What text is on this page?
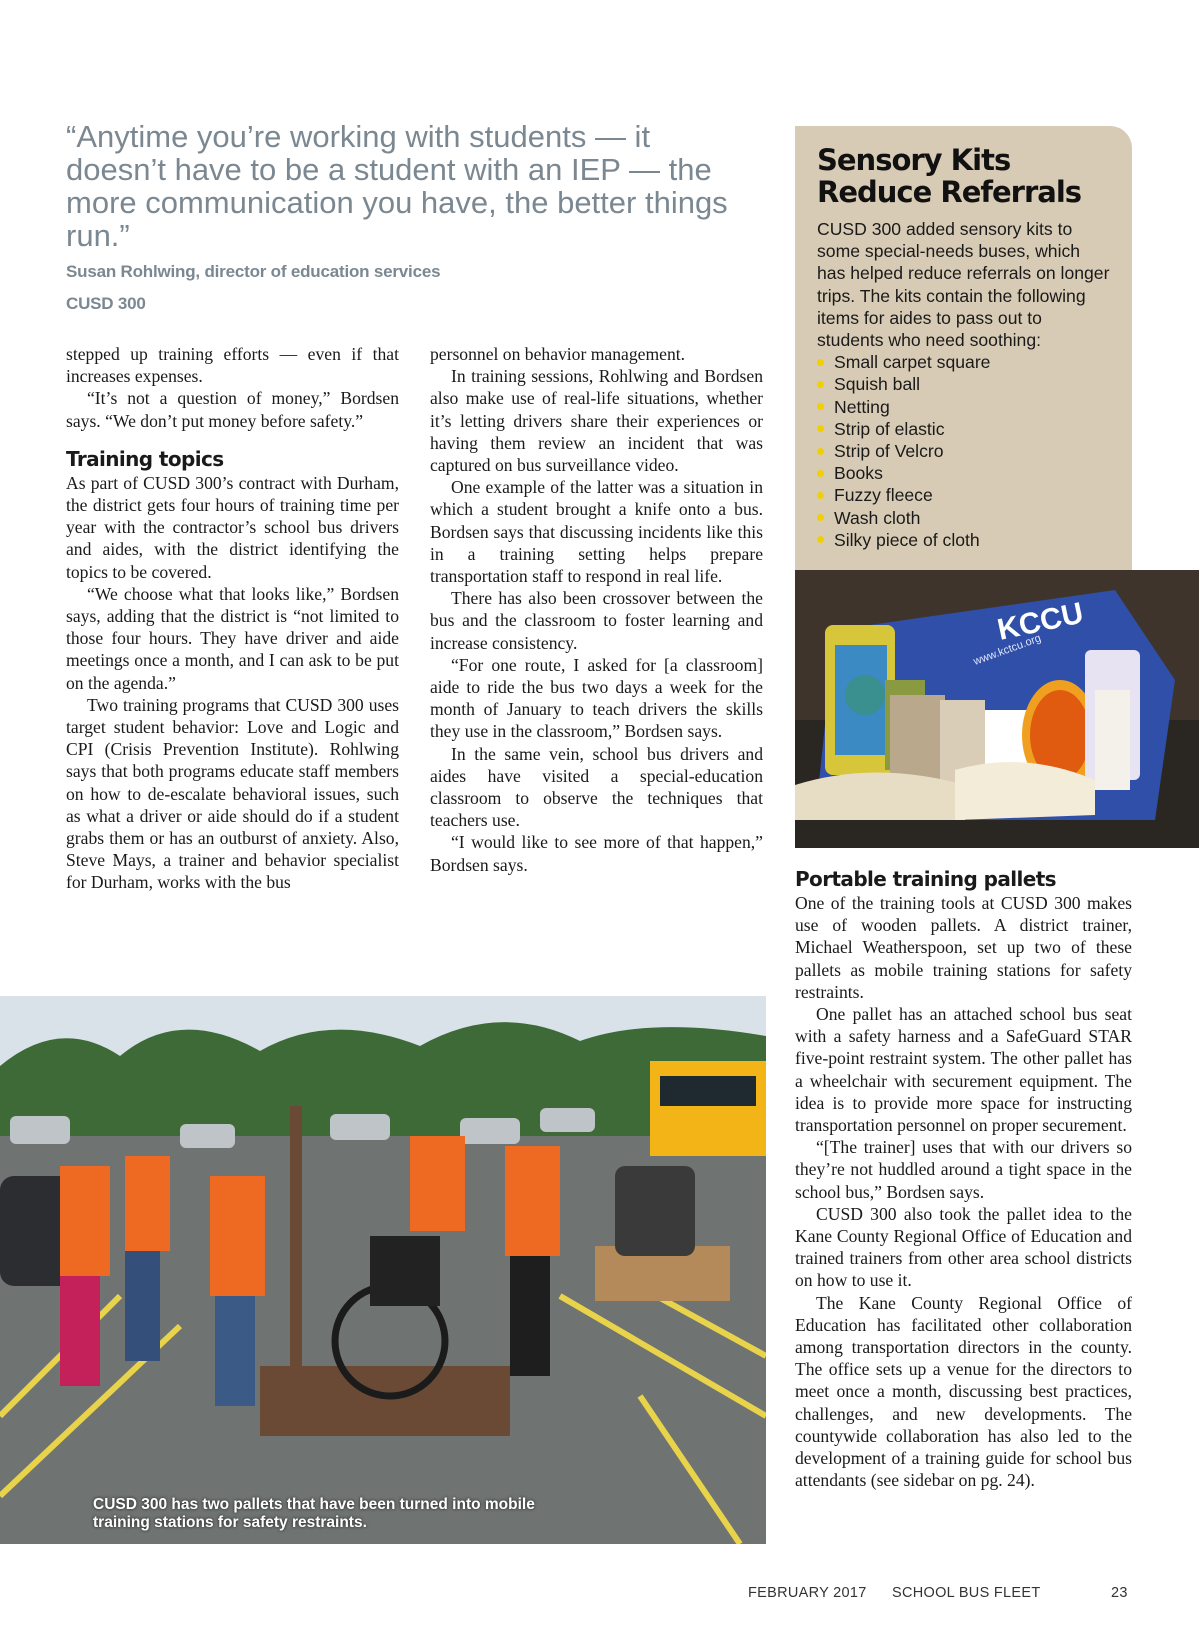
“Anytime you’re working with students — it doesn’t have to be a student with an IEP — the more communication you have, the better things run.”

Susan Rohlwing, director of education services
CUSD 300

stepped up training efforts — even if that increases expenses.

“It’s not a question of money,” Bordsen says. “We don’t put money before safety.”

Training topics

As part of CUSD 300’s contract with Durham, the district gets four hours of training time per year with the contractor’s school bus drivers and aides, with the district identifying the topics to be covered.

“We choose what that looks like,” Bordsen says, adding that the district is “not limited to those four hours. They have driver and aide meetings once a month, and I can ask to be put on the agenda.”

Two training programs that CUSD 300 uses target student behavior: Love and Logic and CPI (Crisis Prevention Institute). Rohlwing says that both programs educate staff members on how to de-escalate behavioral issues, such as what a driver or aide should do if a student grabs them or has an outburst of anxiety. Also, Steve Mays, a trainer and behavior specialist for Durham, works with the bus

personnel on behavior management.

In training sessions, Rohlwing and Bordsen also make use of real-life situations, whether it’s letting drivers share their experiences or having them review an incident that was captured on bus surveillance video.

One example of the latter was a situation in which a student brought a knife onto a bus. Bordsen says that discussing incidents like this in a training setting helps prepare transportation staff to respond in real life.

There has also been crossover between the bus and the classroom to foster learning and increase consistency.

“For one route, I asked for [a classroom] aide to ride the bus two days a week for the month of January to teach drivers the skills they use in the classroom,” Bordsen says.

In the same vein, school bus drivers and aides have visited a special-education classroom to observe the techniques that teachers use.

“I would like to see more of that happen,” Bordsen says.

Sensory Kits
Reduce Referrals

CUSD 300 added sensory kits to some special-needs buses, which has helped reduce referrals on longer trips. The kits contain the following items for aides to pass out to students who need soothing:

Small carpet square
Squish ball
Netting
Strip of elastic
Strip of Velcro
Books
Fuzzy fleece
Wash cloth
Silky piece of cloth
KCCU
www.kctcu.org
Portable training pallets

One of the training tools at CUSD 300 makes use of wooden pallets. A district trainer, Michael Weatherspoon, set up two of these pallets as mobile training stations for safety restraints.

One pallet has an attached school bus seat with a safety harness and a SafeGuard STAR five-point restraint system. The other pallet has a wheelchair with securement equipment. The idea is to provide more space for instructing transportation personnel on proper securement.

“[The trainer] uses that with our drivers so they’re not huddled around a tight space in the school bus,” Bordsen says.

CUSD 300 also took the pallet idea to the Kane County Regional Office of Education and trained trainers from other area school districts on how to use it.

The Kane County Regional Office of Education has facilitated other collaboration among transportation directors in the county. The office sets up a venue for the directors to meet once a month, discussing best practices, challenges, and new developments. The countywide collaboration has also led to the development of a training guide for school bus attendants (see sidebar on pg. 24).

CUSD 300 has two pallets that have been turned into mobile training stations for safety restraints.
FEBRUARY 2017 SCHOOL BUS FLEET	23
